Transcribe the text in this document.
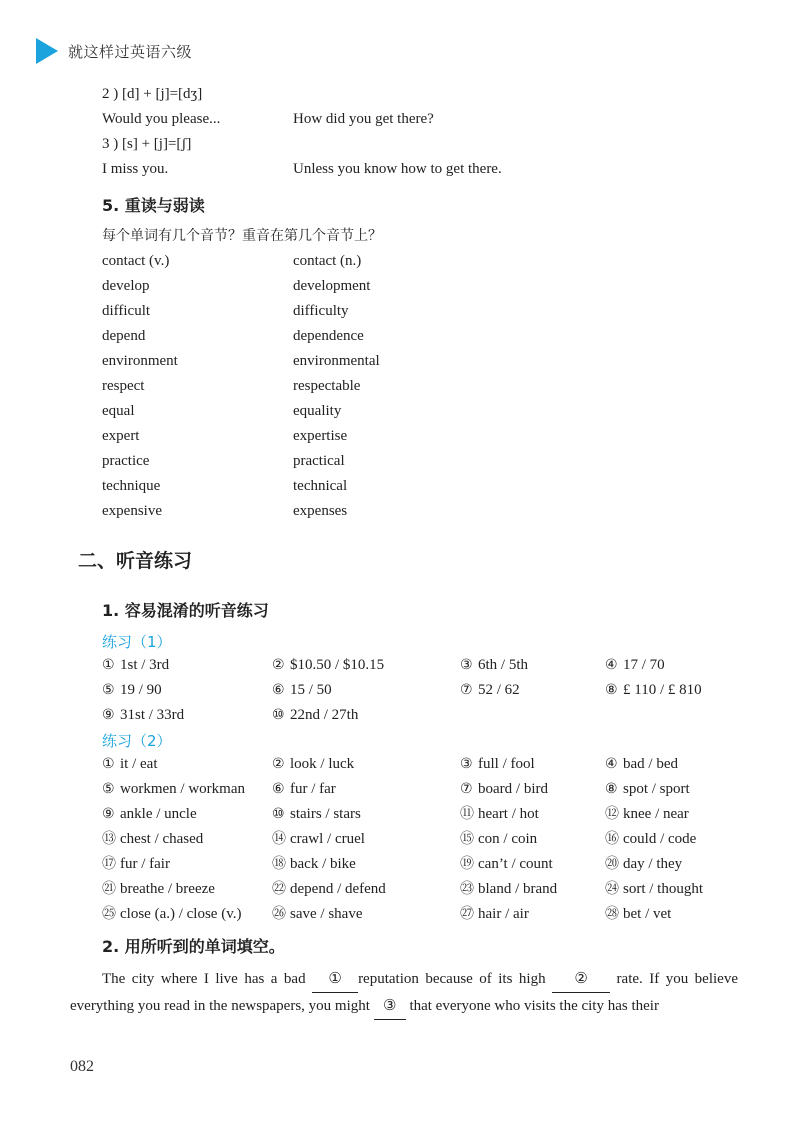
就这样过英语六级
2 ) [d] + [j]=[dʒ]
Would you please...	How did you get there?
3 ) [s] + [j]=[ʃ]
I miss you.	Unless you know how to get there.
5. 重读与弱读
每个单词有几个音节？重音在第几个音节上？
contact (v.)	contact (n.)
develop	development
difficult	difficulty
depend	dependence
environment	environmental
respect	respectable
equal	equality
expert	expertise
practice	practical
technique	technical
expensive	expenses
二、听音练习
1. 容易混淆的听音练习
练习（1）
① 1st / 3rd	② $10.50 / $10.15	③ 6th / 5th	④ 17 / 70
⑤ 19 / 90	⑥ 15 / 50	⑦ 52 / 62	⑧ £ 110 / £ 810
⑨ 31st / 33rd	⑩ 22nd / 27th
练习（2）
① it / eat	② look / luck	③ full / fool	④ bad / bed
⑤ workmen / workman ⑥ fur / far	⑦ board / bird	⑧ spot / sport
⑨ ankle / uncle	⑩ stairs / stars	⑪ heart / hot	⑫ knee / near
⑬ chest / chased	⑭ crawl / cruel	⑮ con / coin	⑯ could / code
⑰ fur / fair	⑱ back / bike	⑲ can’t / count	⑳ day / they
㉑ breathe / breeze	㉒ depend / defend	㉓ bland / brand	㉔ sort / thought
㉕ close (a.) / close (v.) ㉖ save / shave	㉗ hair / air	㉘ bet / vet
2. 用所听到的单词填空。
The city where I live has a bad ① reputation because of its high ② rate. If you believe everything you read in the newspapers, you might ③ that everyone who visits the city has their
082
